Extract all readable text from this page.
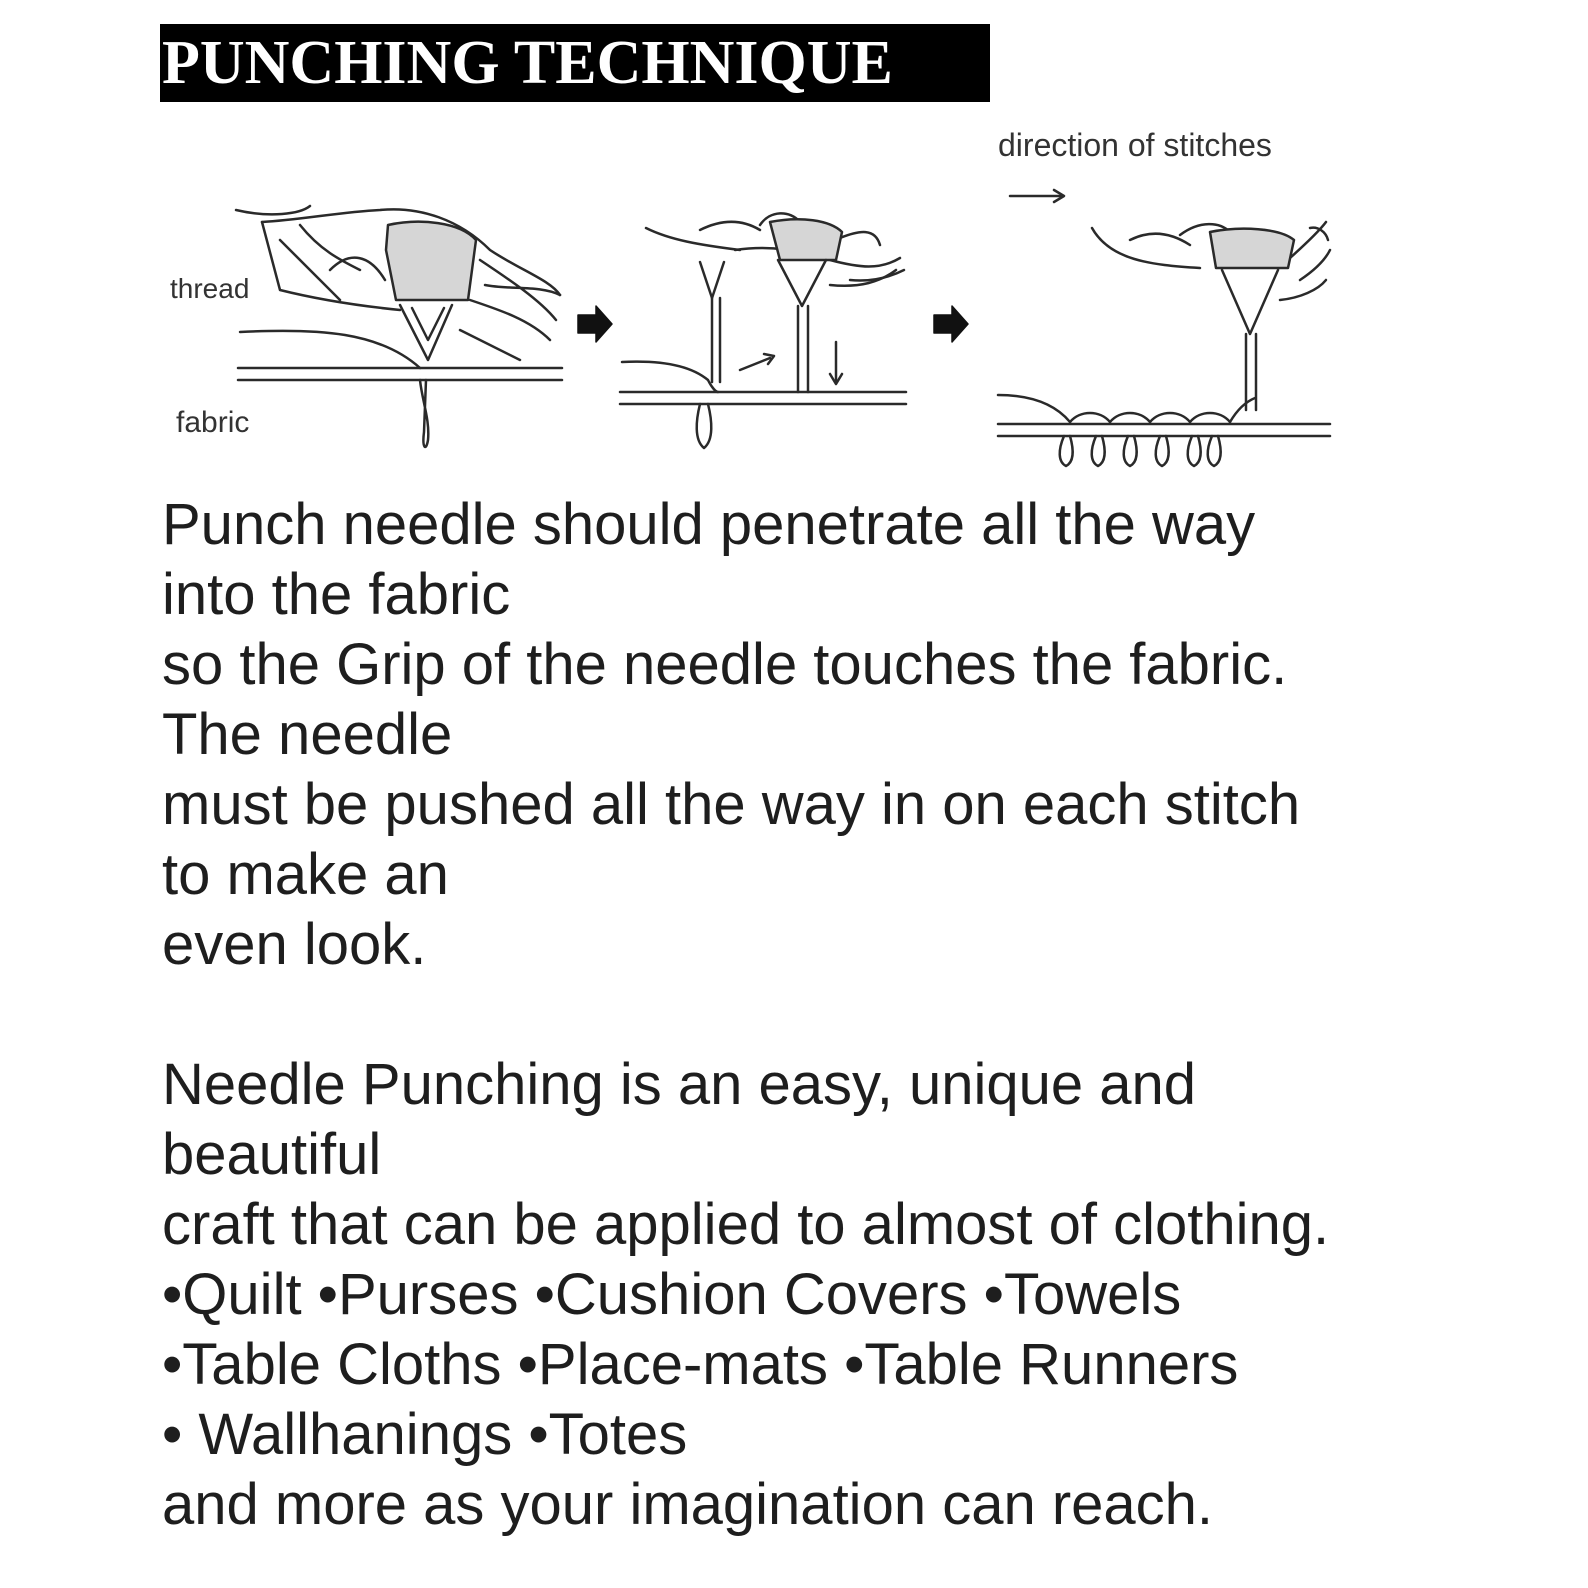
PUNCHING TECHNIQUE
thread
fabric
direction of stitches
Punch needle should penetrate all the way
into the fabric
so the Grip of the needle touches the fabric.
The needle
must be pushed all the way in on each stitch
to make an
even look.
Needle Punching is an easy, unique and
beautiful
craft that can be applied to almost of clothing.
•Quilt •Purses •Cushion Covers •Towels
•Table Cloths •Place-mats •Table Runners
• Wallhanings •Totes
and more as your imagination can reach.
